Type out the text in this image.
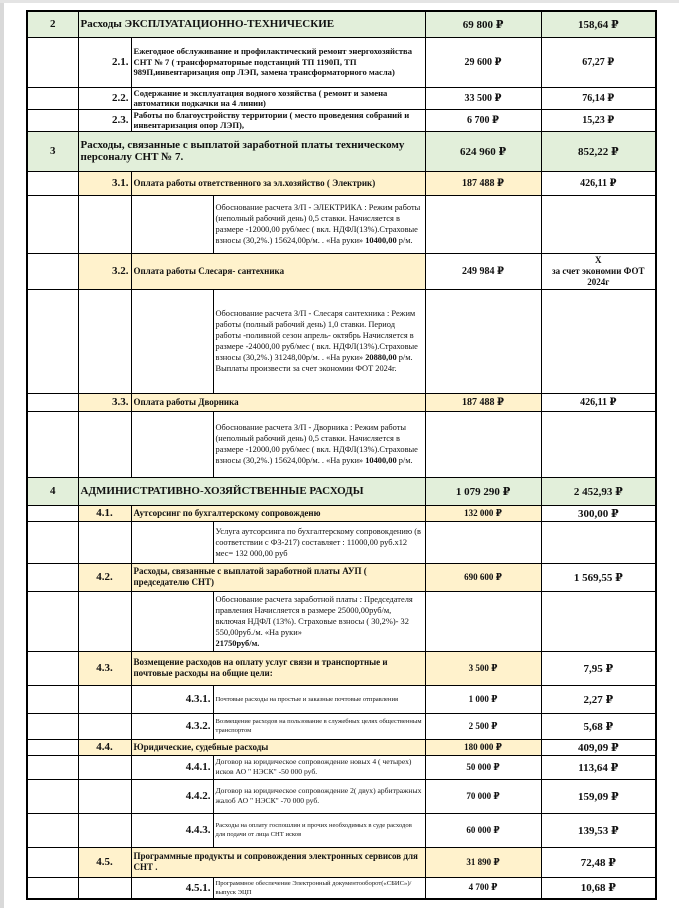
2	Расходы ЭКСПЛУАТАЦИОННО-ТЕХНИЧЕСКИЕ			69 800 ₽	158,64 ₽
	2.1.	Ежегодное обслуживание и профилактический ремонт энергохозяйства СНТ № 7 ( трансформаторные подстанций ТП 1190П, ТП 989П,инвентаризация опр ЛЭП, замена трансформаторного масла)		29 600 ₽	67,27 ₽
	2.2.	Содержание и эксплуатация водного хозяйства ( ремонт и замена автоматики подкачки на 4 линии)		33 500 ₽	76,14 ₽
	2.3.	Работы по благоустройству территории ( место проведения собраний и инвентаризация опор ЛЭП),		6 700 ₽	15,23 ₽
3	Расходы, связанные с выплатой заработной платы техническому персоналу СНТ № 7.			624 960 ₽	852,22 ₽
	3.1.	Оплата работы ответственного за эл.хозяйство ( Электрик)		187 488 ₽	426,11 ₽
			Обоснование расчета З/П - ЭЛЕКТРИКА : Режим работы (неполный рабочий день) 0,5 ставки. Начисляется в размере -12000,00 руб/мес ( вкл. НДФЛ(13%).Страховые взносы (30,2%.) 15624,00р/м. . «На руки» 10400,00 р/м.		
	3.2.	Оплата работы Слесаря- сантехника		249 984 ₽	X
за счет экономии ФОТ 2024г

			Обоснование расчета З/П - Слесаря сантехника : Режим работы (полный рабочий день) 1,0 ставки. Период работы -поливной сезон апрель- октябрь Начисляется в размере -24000,00 руб/мес ( вкл. НДФЛ(13%).Страховые взносы (30,2%.) 31248,00р/м. . «На руки» 20880,00 р/м.
Выплаты произвести за счет экономии ФОТ 2024г.		
	3.3.	Оплата работы Дворника		187 488 ₽	426,11 ₽
			Обоснование расчета З/П - Дворника : Режим работы (неполный рабочий день) 0,5 ставки. Начисляется в размере -12000,00 руб/мес ( вкл. НДФЛ(13%).Страховые взносы (30,2%.) 15624,00р/м. . «На руки» 10400,00 р/м.		
4	АДМИНИСТРАТИВНО-ХОЗЯЙСТВЕННЫЕ РАСХОДЫ			1 079 290 ₽	2 452,93 ₽
	4.1.	Аутсорсинг по бухгалтерскому сопровожденю		132 000 ₽	300,00 ₽
			Услуга аутсорсинга по бухгалтерскому сопровокдению (в соответствии с ФЗ-217) составляет : 11000,00 руб.х12 мес= 132 000,00 руб		
	4.2.	Расходы, связанные с выплатой заработной платы АУП ( председателю СНТ)		690 600 ₽	1 569,55 ₽
			Обоснование расчета заработной платы : Председателя правления Начисляется в размере 25000,00руб/м, включая НДФЛ (13%). Страховые взносы ( 30,2%)- 32 550,00руб./м. «На руки»
21750руб/м.		
	4.3.	Возмещение расходов на оплату услуг связи и транспортные и почтовые расходы на общие цели:		3 500 ₽	7,95 ₽
		4.3.1.	Почтовые расходы на простые и заказные почтовые отправления	1 000 ₽	2,27 ₽
		4.3.2.	Возмещение расходов на пользование в служебных целях общественным транспортом	2 500 ₽	5,68 ₽
	4.4.	Юридические, судебные расходы		180 000 ₽	409,09 ₽
		4.4.1.	Договор на юридическое сопровождение новых 4 ( четырех) исков АО " НЭСК" -50 000 руб.	50 000 ₽	113,64 ₽
		4.4.2.	Договор на юридическое сопровождение 2( двух) арбитражных жалоб АО " НЭСК" -70 000 руб.	70 000 ₽	159,09 ₽
		4.4.3.	Расходы на оплату госпошлин и прочих необходимых в суде расходов для подачи от лица СНТ исков	60 000 ₽	139,53 ₽
	4.5.	Программные продукты и сопровождения электронных сервисов для СНТ .		31 890 ₽	72,48 ₽
		4.5.1.	Программное обеспечение Электронный документооборот(«СБИС»)/ выпуск ЭЦП	4 700 ₽	10,68 ₽
